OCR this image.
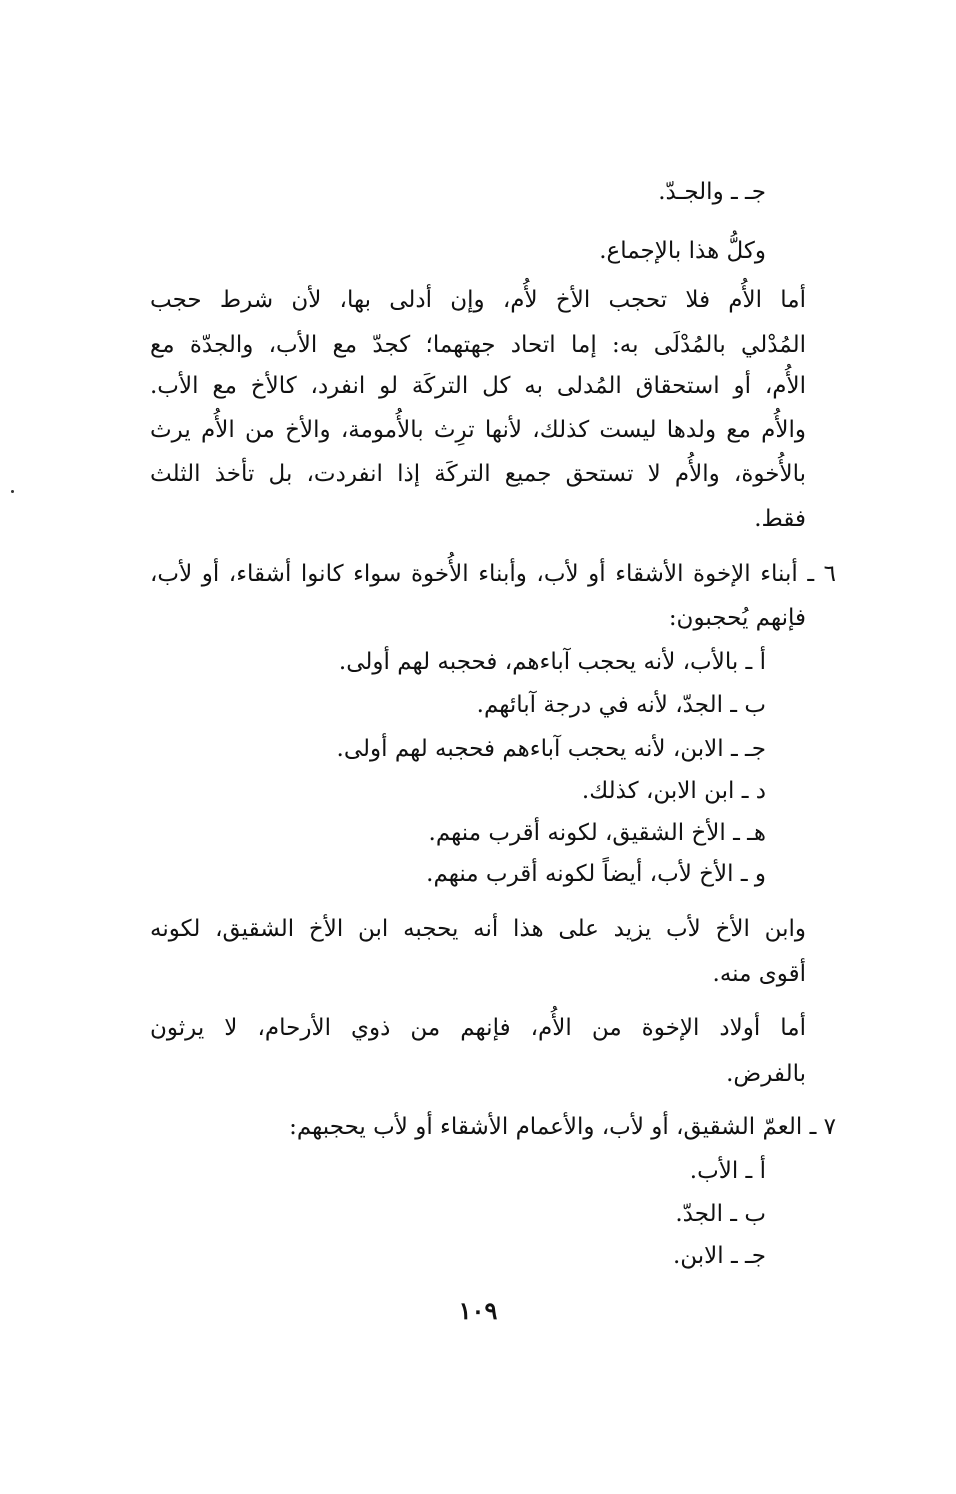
جـ ـ والجـدّ.
وكلُّ هذا بالإجماع.
أما الأُم فلا تحجب الأخ لأُم، وإن أدلى بها، لأن شرط حجب
المُدْلي بالمُدْلَى به: إما اتحاد جهتهما؛ كجدّ مع الأب، والجدّة مع
الأُم، أو استحقاق المُدلى به كل التركَة لو انفرد، كالأخ مع الأب.
والأُم مع ولدها ليست كذلك، لأنها ترِث بالأُمومة، والأخ من الأُم يرث
بالأُخوة، والأُم لا تستحق جميع التركَة إذا انفردت، بل تأخذ الثلث
فقط.
٦ ـ أبناء الإخوة الأشقاء أو لأب، وأبناء الأُخوة سواء كانوا أشقاء، أو لأب،
فإنهم يُحجبون:
أ ـ بالأب، لأنه يحجب آباءهم، فحجبه لهم أولى.
ب ـ الجدّ، لأنه في درجة آبائهم.
جـ ـ الابن، لأنه يحجب آباءهم فحجبه لهم أولى.
د ـ ابن الابن، كذلك.
هـ ـ الأخ الشقيق، لكونه أقرب منهم.
و ـ الأخ لأب، أيضاً لكونه أقرب منهم.
وابن الأخ لأب يزيد على هذا أنه يحجبه ابن الأخ الشقيق، لكونه
أقوى منه.
أما أولاد الإخوة من الأُم، فإنهم من ذوي الأرحام، لا يرثون
بالفرض.
٧ ـ العمّ الشقيق، أو لأب، والأعمام الأشقاء أو لأب يحجبهم:
أ ـ الأب.
ب ـ الجدّ.
جـ ـ الابن.
١٠٩
